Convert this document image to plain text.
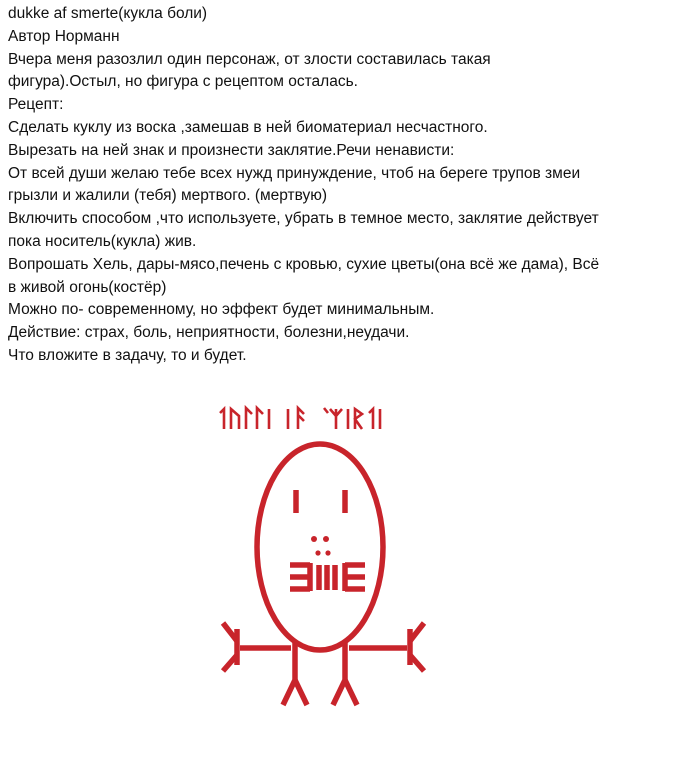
dukke af smerte(кукла боли)

Автор Норманн

Вчера меня разозлил один персонаж, от злости составилась такая

фигура).Остыл, но фигура с рецептом осталась.

Рецепт:

Сделать куклу из воска ,замешав в ней биоматериал несчастного.

Вырезать на ней знак и произнести заклятие.Речи ненависти:

От всей души желаю тебе всех нужд принуждение, чтоб на береге трупов змеи

грызли и жалили (тебя) мертвого. (мертвую)

Включить способом ,что используете, убрать в темное место, заклятие действует

пока носитель(кукла) жив.

Вопрошать Хель, дары-мясо,печень с кровью, сухие цветы(она всё же дама), Всё

в живой огонь(костёр)

Можно по- современному, но эффект будет минимальным.

Действие: страх, боль, неприятности, болезни,неудачи.

Что вложите в задачу, то и будет.
